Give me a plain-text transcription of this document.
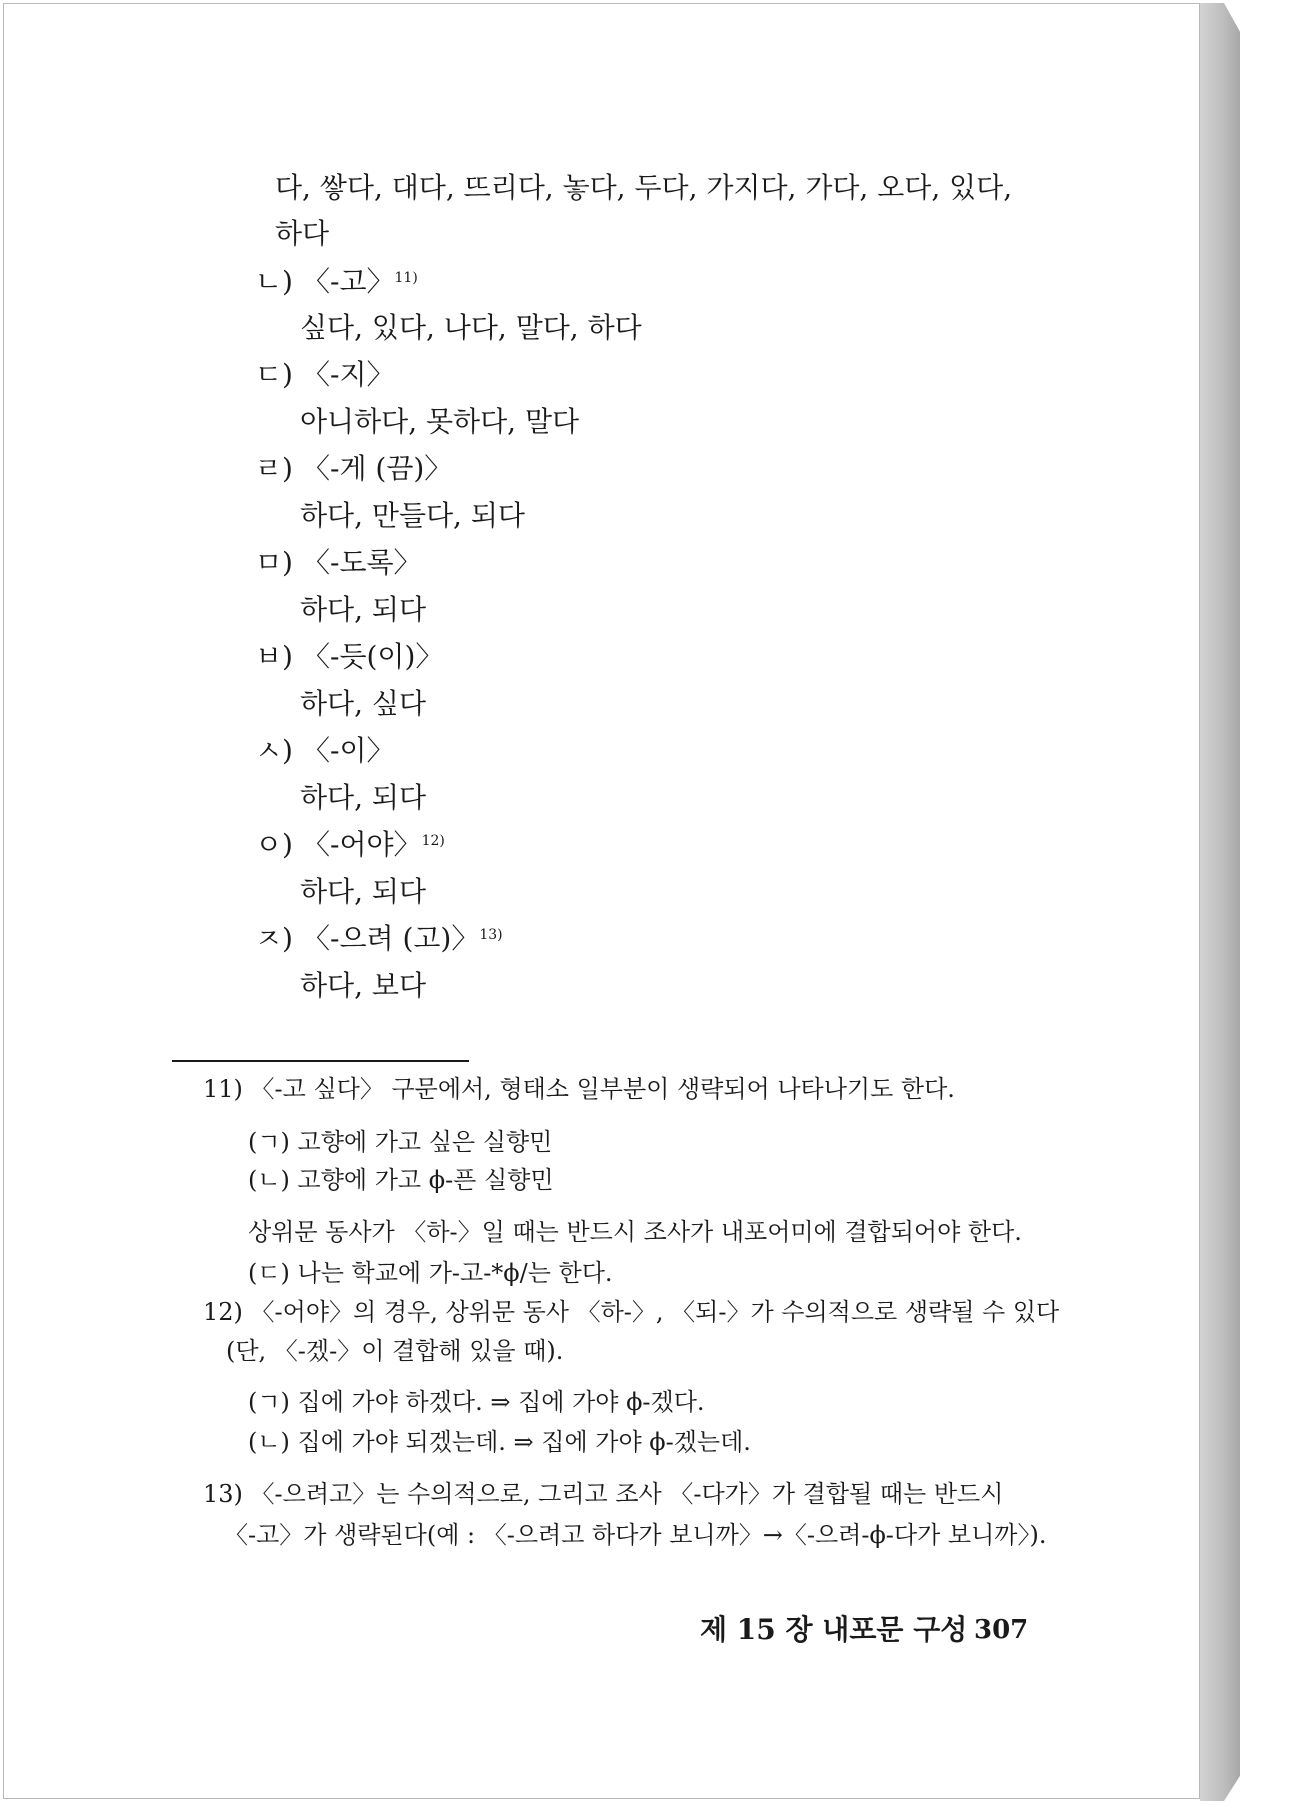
다, 쌓다, 대다, 뜨리다, 놓다, 두다, 가지다, 가다, 오다, 있다,
하다
ㄴ) 〈-고〉$^{11)}$
싶다, 있다, 나다, 말다, 하다
ㄷ) 〈-지〉
아니하다, 못하다, 말다
ㄹ) 〈-게 (끔)〉
하다, 만들다, 되다
ㅁ) 〈-도록〉
하다, 되다
ㅂ) 〈-듯(이)〉
하다, 싶다
ㅅ) 〈-이〉
하다, 되다
ㅇ) 〈-어야〉$^{12)}$
하다, 되다
ㅈ) 〈-으려 (고)〉$^{13)}$
하다, 보다
11) 〈-고 싶다〉 구문에서, 형태소 일부분이 생략되어 나타나기도 한다.
(ㄱ) 고향에 가고 싶은 실향민
(ㄴ) 고향에 가고 ϕ-픈 실향민
상위문 동사가 〈하-〉일 때는 반드시 조사가 내포어미에 결합되어야 한다.
(ㄷ) 나는 학교에 가-고-*ϕ/는 한다.
12) 〈-어야〉의 경우, 상위문 동사 〈하-〉, 〈되-〉가 수의적으로 생략될 수 있다
(단, 〈-겠-〉이 결합해 있을 때).
(ㄱ) 집에 가야 하겠다. ⇒ 집에 가야 ϕ-겠다.
(ㄴ) 집에 가야 되겠는데. ⇒ 집에 가야 ϕ-겠는데.
13) 〈-으려고〉는 수의적으로, 그리고 조사 〈-다가〉가 결합될 때는 반드시
〈-고〉가 생략된다(예 : 〈-으려고 하다가 보니까〉→〈-으려-ϕ-다가 보니까〉).
제 15 장 내포문 구성 307
